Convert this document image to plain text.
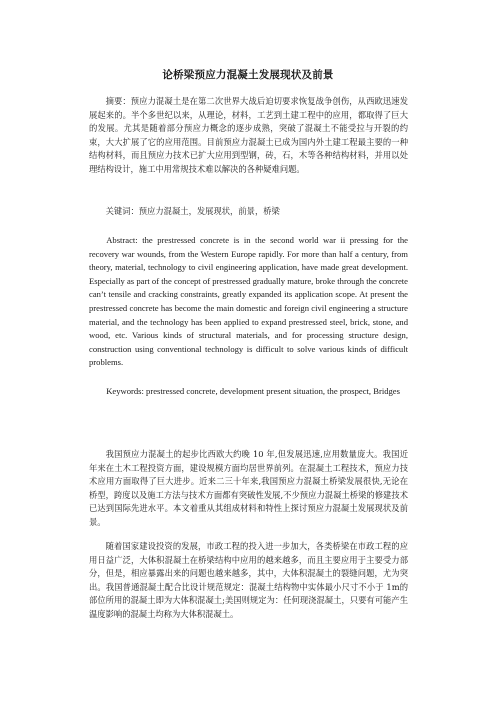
论桥梁预应力混凝土发展现状及前景

摘要：预应力混凝土是在第二次世界大战后迫切要求恢复战争创伤，从西欧迅速发展起来的。半个多世纪以来，从理论，材料，工艺到土建工程中的应用，都取得了巨大的发展。尤其是随着部分预应力概念的逐步成熟，突破了混凝土不能受拉与开裂的约束，大大扩展了它的应用范围。目前预应力混凝土已成为国内外土建工程最主要的一种结构材料，而且预应力技术已扩大应用到型钢，砖，石，木等各种结构材料，并用以处理结构设计，施工中用常规技术难以解决的各种疑难问题。

关键词：预应力混凝土，发展现状，前景，桥梁

Abstract: the prestressed concrete is in the second world war ii pressing for the recovery war wounds, from the Western Europe rapidly. For more than half a century, from theory, material, technology to civil engineering application, have made great development. Especially as part of the concept of prestressed gradually mature, broke through the concrete can’t tensile and cracking constraints, greatly expanded its application scope. At present the prestressed concrete has become the main domestic and foreign civil engineering a structure material, and the technology has been applied to expand prestressed steel, brick, stone, and wood, etc. Various kinds of structural materials, and for processing structure design, construction using conventional technology is difficult to solve various kinds of difficult problems.

Keywords: prestressed concrete, development present situation, the prospect, Bridges

我国预应力混凝土的起步比西欧大约晚 10 年,但发展迅速,应用数量庞大。我国近年来在土木工程投资方面，建设规模方面均居世界前列。在混凝土工程技术，预应力技术应用方面取得了巨大进步。近来二三十年来,我国预应力混凝土桥梁发展很快,无论在桥型，跨度以及施工方法与技术方面都有突破性发展,不少预应力混凝土桥梁的修建技术已达到国际先进水平。本文着重从其组成材料和特性上探讨预应力混凝土发展现状及前景。

随着国家建设投资的发展，市政工程的投入进一步加大，各类桥梁在市政工程的应用日益广泛，大体积混凝土在桥梁结构中应用的越来越多，而且主要应用于主要受力部分，但是，相应暴露出来的问题也越来越多，其中，大体积混凝土的裂缝问题，尤为突出。我国普通混凝土配合比设计规范规定：混凝土结构物中实体最小尺寸不小于 1m的部位所用的混凝土即为大体积混凝土;美国则规定为：任何现浇混凝土，只要有可能产生温度影响的混凝土均称为大体积混凝土。
